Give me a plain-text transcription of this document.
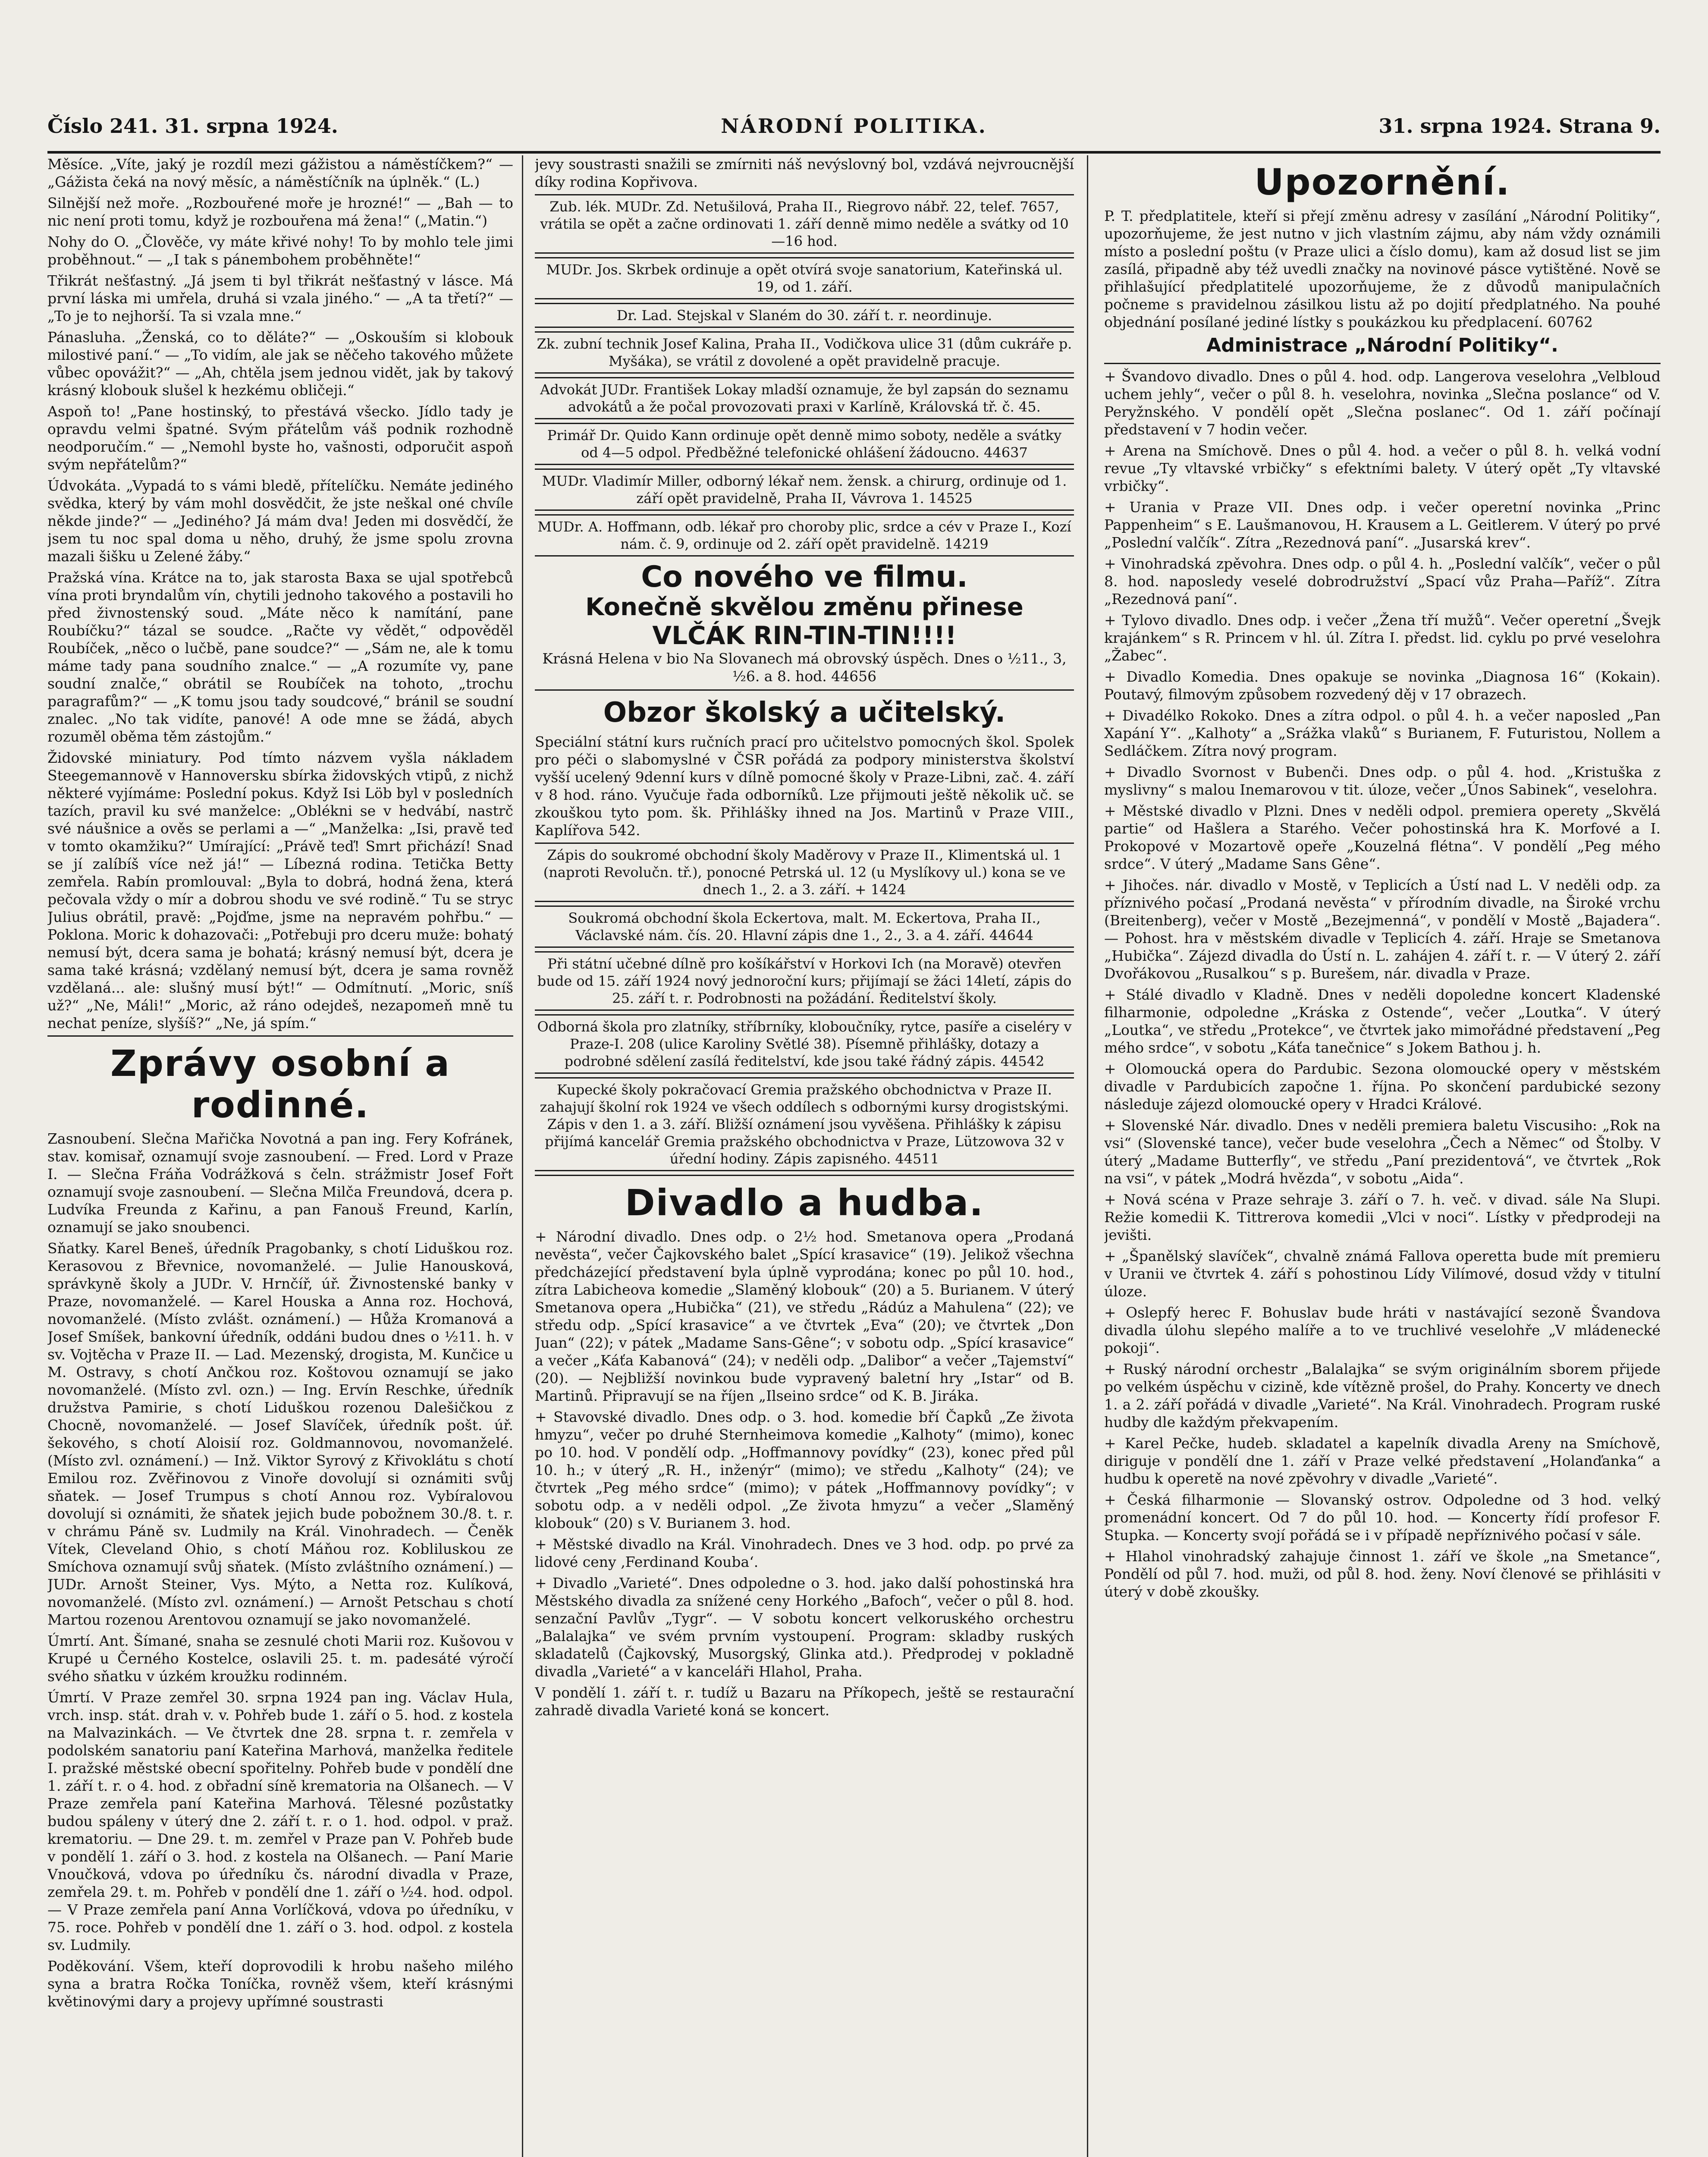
Číslo 241. 31. srpna 1924.	NÁRODNÍ POLITIKA.	31. srpna 1924. Strana 9.

Měsíce. „Víte, jaký je rozdíl mezi gážistou a náměstíčkem?“ — „Gážista čeká na nový měsíc, a náměstíčník na úplněk.“ (L.)

Silnější než moře. „Rozbouřené moře je hrozné!“ — „Bah — to nic není proti tomu, když je rozbouřena má žena!“ („Matin.“)

Nohy do O. „Člověče, vy máte křivé nohy! To by mohlo tele jimi proběhnout.“ — „I tak s pánembohem proběhněte!“

Třikrát nešťastný. „Já jsem ti byl třikrát nešťastný v lásce. Má první láska mi umřela, druhá si vzala jiného.“ — „A ta třetí?“ — „To je to nejhorší. Ta si vzala mne.“

Pánasluha. „Ženská, co to děláte?“ — „Oskouším si klobouk milostivé paní.“ — „To vidím, ale jak se něčeho takového můžete vůbec opovážit?“ — „Ah, chtěla jsem jednou vidět, jak by takový krásný klobouk slušel k hezkému obličeji.“

Aspoň to! „Pane hostinský, to přestává všecko. Jídlo tady je opravdu velmi špatné. Svým přátelům váš podnik rozhodně neodporučím.“ — „Nemohl byste ho, vašnosti, odporučit aspoň svým nepřátelům?“

Údvokáta. „Vypadá to s vámi bledě, přítelíčku. Nemáte jediného svědka, který by vám mohl dosvědčit, že jste neškal oné chvíle někde jinde?“ — „Jediného? Já mám dva! Jeden mi dosvědčí, že jsem tu noc spal doma u něho, druhý, že jsme spolu zrovna mazali šišku u Zelené žáby.“

Pražská vína. Krátce na to, jak starosta Baxa se ujal spotřebců vína proti bryndalům vín, chytili jednoho takového a postavili ho před živnostenský soud. „Máte něco k namítání, pane Roubíčku?“ tázal se soudce. „Račte vy vědět,“ odpověděl Roubíček, „něco o lučbě, pane soudce?“ — „Sám ne, ale k tomu máme tady pana soudního znalce.“ — „A rozumíte vy, pane soudní znalče,“ obrátil se Roubíček na tohoto, „trochu paragrafům?“ — „K tomu jsou tady soudcové,“ bránil se soudní znalec. „No tak vidíte, panové! A ode mne se žádá, abych rozuměl oběma těm zástojům.“

Židovské miniatury. Pod tímto názvem vyšla nákladem Steegemannově v Hannoversku sbírka židovských vtipů, z nichž některé vyjímáme: Poslední pokus. Když Isi Löb byl v posledních tazích, pravil ku své manželce: „Oblékni se v hedvábí, nastrč své náušnice a ověs se perlami a —“ „Manželka: „Isi, pravě teď v tomto okamžiku?“ Umírající: „Právě teď! Smrt přichází! Snad se jí zalíbíš více než já!“ — Líbezná rodina. Tetička Betty zemřela. Rabín promlouval: „Byla to dobrá, hodná žena, která pečovala vždy o mír a dobrou shodu ve své rodině.“ Tu se stryc Julius obrátil, pravě: „Pojďme, jsme na nepravém pohřbu.“ — Poklona. Moric k dohazovači: „Potřebuji pro dceru muže: bohatý nemusí být, dcera sama je bohatá; krásný nemusí být, dcera je sama také krásná; vzdělaný nemusí být, dcera je sama rovněž vzdělaná... ale: slušný musí být!“ — Odmítnutí. „Moric, sníš už?“ „Ne, Máli!“ „Moric, až ráno odejdeš, nezapomeň mně tu nechat peníze, slyšíš?“ „Ne, já spím.“

Zprávy osobní a rodinné.

Zasnoubení. Slečna Mařička Novotná a pan ing. Fery Kofránek, stav. komisař, oznamují svoje zasnoubení. — Fred. Lord v Praze I. — Slečna Fráňa Vodrážková s čeln. strážmistr Josef Fořt oznamují svoje zasnoubení. — Slečna Milča Freundová, dcera p. Ludvíka Freunda z Kařinu, a pan Fanouš Freund, Karlín, oznamují se jako snoubenci.

Sňatky. Karel Beneš, úředník Pragobanky, s chotí Liduškou roz. Kerasovou z Břevnice, novomanželé. — Julie Hanousková, správkyně školy a JUDr. V. Hrnčíř, úř. Živnostenské banky v Praze, novomanželé. — Karel Houska a Anna roz. Hochová, novomanželé. (Místo zvlášt. oznámení.) — Hůža Kromanová a Josef Smíšek, bankovní úředník, oddáni budou dnes o ½11. h. v sv. Vojtěcha v Praze II. — Lad. Mezenský, drogista, M. Kunčice u M. Ostravy, s chotí Ančkou roz. Koštovou oznamují se jako novomanželé. (Místo zvl. ozn.) — Ing. Ervín Reschke, úředník družstva Pamirie, s chotí Liduškou rozenou Dalešičkou z Chocně, novomanželé. — Josef Slavíček, úředník pošt. úř. šekového, s chotí Aloisií roz. Goldmannovou, novomanželé. (Místo zvl. oznámení.) — Inž. Viktor Syrový z Křivoklátu s chotí Emilou roz. Zvěřinovou z Vinoře dovolují si oznámiti svůj sňatek. — Josef Trumpus s chotí Annou roz. Vybíralovou dovolují si oznámiti, že sňatek jejich bude pobožnem 30./8. t. r. v chrámu Páně sv. Ludmily na Král. Vinohradech. — Čeněk Vítek, Cleveland Ohio, s chotí Máňou roz. Kobliluskou ze Smíchova oznamují svůj sňatek. (Místo zvláštního oznámení.) — JUDr. Arnošt Steiner, Vys. Mýto, a Netta roz. Kulíková, novomanželé. (Místo zvl. oznámení.) — Arnošt Petschau s chotí Martou rozenou Arentovou oznamují se jako novomanželé.

Úmrtí. Ant. Šímané, snaha se zesnulé choti Marii roz. Kušovou v Krupé u Černého Kostelce, oslavili 25. t. m. padesáté výročí svého sňatku v úzkém kroužku rodinném.

Úmrtí. V Praze zemřel 30. srpna 1924 pan ing. Václav Hula, vrch. insp. stát. drah v. v. Pohřeb bude 1. září o 5. hod. z kostela na Malvazinkách. — Ve čtvrtek dne 28. srpna t. r. zemřela v podolském sanatoriu paní Kateřina Marhová, manželka ředitele I. pražské městské obecní spořitelny. Pohřeb bude v pondělí dne 1. září t. r. o 4. hod. z obřadní síně krematoria na Olšanech. — V Praze zemřela paní Kateřina Marhová. Tělesné pozůstatky budou spáleny v úterý dne 2. září t. r. o 1. hod. odpol. v praž. krematoriu. — Dne 29. t. m. zemřel v Praze pan V. Pohřeb bude v pondělí 1. září o 3. hod. z kostela na Olšanech. — Paní Marie Vnoučková, vdova po úředníku čs. národní divadla v Praze, zemřela 29. t. m. Pohřeb v pondělí dne 1. září o ½4. hod. odpol. — V Praze zemřela paní Anna Vorlíčková, vdova po úředníku, v 75. roce. Pohřeb v pondělí dne 1. září o 3. hod. odpol. z kostela sv. Ludmily.

Poděkování. Všem, kteří doprovodili k hrobu našeho milého syna a bratra Ročka Toníčka, rovněž všem, kteří krásnými květinovými dary a projevy upřímné soustrasti

jevy soustrasti snažili se zmírniti náš nevýslovný bol, vzdává nejvroucnější díky rodina Kopřivova.

Zub. lék. MUDr. Zd. Netušilová, Praha II., Riegrovo nábř. 22, telef. 7657, vrátila se opět a začne ordinovati 1. září denně mimo neděle a svátky od 10—16 hod.
MUDr. Jos. Skrbek ordinuje a opět otvírá svoje sanatorium, Kateřinská ul. 19, od 1. září.
Dr. Lad. Stejskal v Slaném do 30. září t. r. neordinuje.
Zk. zubní technik Josef Kalina, Praha II., Vodičkova ulice 31 (dům cukráře p. Myšáka), se vrátil z dovolené a opět pravidelně pracuje.
Advokát JUDr. František Lokay mladší oznamuje, že byl zapsán do seznamu advokátů a že počal provozovati praxi v Karlíně, Královská tř. č. 45.
Primář Dr. Quido Kann ordinuje opět denně mimo soboty, neděle a svátky od 4—5 odpol. Předběžné telefonické ohlášení žádoucno. 44637
MUDr. Vladimír Miller, odborný lékař nem. žensk. a chirurg, ordinuje od 1. září opět pravidelně, Praha II, Vávrova 1. 14525
MUDr. A. Hoffmann, odb. lékař pro choroby plic, srdce a cév v Praze I., Kozí nám. č. 9, ordinuje od 2. září opět pravidelně. 14219
Co nového ve filmu.
Konečně skvělou změnu přinese
VLČÁK RIN-TIN-TIN!!!!
Krásná Helena v bio Na Slovanech má obrovský úspěch. Dnes o ½11., 3, ½6. a 8. hod. 44656
Obzor školský a učitelský.
Speciální státní kurs ručních prací pro učitelstvo pomocných škol. Spolek pro péči o slabomyslné v ČSR pořádá za podpory ministerstva školství vyšší ucelený 9denní kurs v dílně pomocné školy v Praze-Libni, zač. 4. září v 8 hod. ráno. Vyučuje řada odborníků. Lze přijmouti ještě několik uč. se zkouškou tyto pom. šk. Přihlášky ihned na Jos. Martinů v Praze VIII., Kaplířova 542.
Zápis do soukromé obchodní školy Maděrovy v Praze II., Klimentská ul. 1 (naproti Revolučn. tř.), ponocné Petrská ul. 12 (u Myslíkovy ul.) kona se ve dnech 1., 2. a 3. září. + 1424
Soukromá obchodní škola Eckertova, malt. M. Eckertova, Praha II., Václavské nám. čís. 20. Hlavní zápis dne 1., 2., 3. a 4. září. 44644
Při státní učebné dílně pro košíkářství v Horkovi Ich (na Moravě) otevřen bude od 15. září 1924 nový jednoroční kurs; přijímají se žáci 14letí, zápis do 25. září t. r. Podrobnosti na požádání. Ředitelství školy.
Odborná škola pro zlatníky, stříbrníky, kloboučníky, rytce, pasíře a ciseléry v Praze-I. 208 (ulice Karoliny Světlé 38). Písemně přihlášky, dotazy a podrobné sdělení zasílá ředitelství, kde jsou také řádný zápis. 44542
Kupecké školy pokračovací Gremia pražského obchodnictva v Praze II. zahajují školní rok 1924 ve všech oddílech s odbornými kursy drogistskými. Zápis v den 1. a 3. září. Bližší oznámení jsou vyvěšena. Přihlášky k zápisu přijímá kancelář Gremia pražského obchodnictva v Praze, Lützowova 32 v úřední hodiny. Zápis zapisného. 44511
Divadlo a hudba.

+ Národní divadlo. Dnes odp. o 2½ hod. Smetanova opera „Prodaná nevěsta“, večer Čajkovského balet „Spící krasavice“ (19). Jelikož všechna předcházející představení byla úplně vyprodána; konec po půl 10. hod., zítra Labicheova komedie „Slaměný klobouk“ (20) a 5. Burianem. V úterý Smetanova opera „Hubička“ (21), ve středu „Rádúz a Mahulena“ (22); ve středu odp. „Spící krasavice“ a ve čtvrtek „Eva“ (20); ve čtvrtek „Don Juan“ (22); v pátek „Madame Sans-Gêne“; v sobotu odp. „Spící krasavice“ a večer „Káťa Kabanová“ (24); v neděli odp. „Dalibor“ a večer „Tajemství“ (20). — Nejbližší novinkou bude vypravený baletní hry „Istar“ od B. Martinů. Připravují se na říjen „Ilseino srdce“ od K. B. Jiráka.

+ Stavovské divadlo. Dnes odp. o 3. hod. komedie bří Čapků „Ze života hmyzu“, večer po druhé Sternheimova komedie „Kalhoty“ (mimo), konec po 10. hod. V pondělí odp. „Hoffmannovy povídky“ (23), konec před půl 10. h.; v úterý „R. H., inženýr“ (mimo); ve středu „Kalhoty“ (24); ve čtvrtek „Peg mého srdce“ (mimo); v pátek „Hoffmannovy povídky“; v sobotu odp. a v neděli odpol. „Ze života hmyzu“ a večer „Slaměný klobouk“ (20) s V. Burianem 3. hod.

+ Městské divadlo na Král. Vinohradech. Dnes ve 3 hod. odp. po prvé za lidové ceny ‚Ferdinand Kouba‘.

+ Divadlo „Varieté“. Dnes odpoledne o 3. hod. jako další pohostinská hra Městského divadla za snížené ceny Horkého „Bafoch“, večer o půl 8. hod. senzační Pavlův „Tygr“. — V sobotu koncert velkoruského orchestru „Balalajka“ ve svém prvním vystoupení. Program: skladby ruských skladatelů (Čajkovský, Musorgský, Glinka atd.). Předprodej v pokladně divadla „Varieté“ a v kanceláři Hlahol, Praha.

V pondělí 1. září t. r. tudíž u Bazaru na Příkopech, ještě se restaurační zahradě divadla Varieté koná se koncert.

Upozornění.

P. T. předplatitele, kteří si přejí změnu adresy v zasílání „Národní Politiky“, upozorňujeme, že jest nutno v jich vlastním zájmu, aby nám vždy oznámili místo a poslední poštu (v Praze ulici a číslo domu), kam až dosud list se jim zasílá, připadně aby též uvedli značky na novinové pásce vytištěné. Nově se přihlašující předplatitelé upozorňujeme, že z důvodů manipulačních počneme s pravidelnou zásilkou listu až po dojití předplatného. Na pouhé objednání posílané jediné lístky s poukázkou ku předplacení. 60762

Administrace „Národní Politiky“.

+ Švandovo divadlo. Dnes o půl 4. hod. odp. Langerova veselohra „Velbloud uchem jehly“, večer o půl 8. h. veselohra, novinka „Slečna poslance“ od V. Peryžnského. V pondělí opět „Slečna poslanec“. Od 1. září počínají představení v 7 hodin večer.

+ Arena na Smíchově. Dnes o půl 4. hod. a večer o půl 8. h. velká vodní revue „Ty vltavské vrbičky“ s efektními balety. V úterý opět „Ty vltavské vrbičky“.

+ Urania v Praze VII. Dnes odp. i večer operetní novinka „Princ Pappenheim“ s E. Laušmanovou, H. Krausem a L. Geitlerem. V úterý po prvé „Poslední valčík“. Zítra „Rezednová paní“. „Jusarská krev“.

+ Vinohradská zpěvohra. Dnes odp. o půl 4. h. „Poslední valčík“, večer o půl 8. hod. naposledy veselé dobrodružství „Spací vůz Praha—Paříž“. Zítra „Rezednová paní“.

+ Tylovo divadlo. Dnes odp. i večer „Žena tří mužů“. Večer operetní „Švejk krajánkem“ s R. Princem v hl. úl. Zítra I. předst. lid. cyklu po prvé veselohra „Žabec“.

+ Divadlo Komedia. Dnes opakuje se novinka „Diagnosa 16“ (Kokain). Poutavý, filmovým způsobem rozvedený děj v 17 obrazech.

+ Divadélko Rokoko. Dnes a zítra odpol. o půl 4. h. a večer naposled „Pan Xapání Y“. „Kalhoty“ a „Srážka vlaků“ s Burianem, F. Futuristou, Nollem a Sedláčkem. Zítra nový program.

+ Divadlo Svornost v Bubenči. Dnes odp. o půl 4. hod. „Kristuška z myslivny“ s malou Inemarovou v tit. úloze, večer „Únos Sabinek“, veselohra.

+ Městské divadlo v Plzni. Dnes v neděli odpol. premiera operety „Skvělá partie“ od Hašlera a Starého. Večer pohostinská hra K. Morfové a I. Prokopové v Mozartově opeře „Kouzelná flétna“. V pondělí „Peg mého srdce“. V úterý „Madame Sans Gêne“.

+ Jihočes. nár. divadlo v Mostě, v Teplicích a Ústí nad L. V neděli odp. za příznivého počasí „Prodaná nevěsta“ v přírodním divadle, na Široké vrchu (Breitenberg), večer v Mostě „Bezejmenná“, v pondělí v Mostě „Bajadera“. — Pohost. hra v městském divadle v Teplicích 4. září. Hraje se Smetanova „Hubička“. Zájezd divadla do Ústí n. L. zahájen 4. září t. r. — V úterý 2. září Dvořákovou „Rusalkou“ s p. Burešem, nár. divadla v Praze.

+ Stálé divadlo v Kladně. Dnes v neděli dopoledne koncert Kladenské filharmonie, odpoledne „Kráska z Ostende“, večer „Loutka“. V úterý „Loutka“, ve středu „Protekce“, ve čtvrtek jako mimořádné představení „Peg mého srdce“, v sobotu „Káťa tanečnice“ s Jokem Bathou j. h.

+ Olomoucká opera do Pardubic. Sezona olomoucké opery v městském divadle v Pardubicích započne 1. října. Po skončení pardubické sezony následuje zájezd olomoucké opery v Hradci Králové.

+ Slovenské Nár. divadlo. Dnes v neděli premiera baletu Viscusiho: „Rok na vsi“ (Slovenské tance), večer bude veselohra „Čech a Němec“ od Štolby. V úterý „Madame Butterfly“, ve středu „Paní prezidentová“, ve čtvrtek „Rok na vsi“, v pátek „Modrá hvězda“, v sobotu „Aida“.

+ Nová scéna v Praze sehraje 3. září o 7. h. več. v divad. sále Na Slupi. Režie komedii K. Tittrerova komedii „Vlci v noci“. Lístky v předprodeji na jevišti.

+ „Španělský slavíček“, chvalně známá Fallova operetta bude mít premieru v Uranii ve čtvrtek 4. září s pohostinou Lídy Vilímové, dosud vždy v titulní úloze.

+ Oslepfý herec F. Bohuslav bude hráti v nastávající sezoně Švandova divadla úlohu slepého malíře a to ve truchlivé veselohře „V mládenecké pokoji“.

+ Ruský národní orchestr „Balalajka“ se svým originálním sborem přijede po velkém úspěchu v cizině, kde vítězně prošel, do Prahy. Koncerty ve dnech 1. a 2. září pořádá v divadle „Varieté“. Na Král. Vinohradech. Program ruské hudby dle každým překvapením.

+ Karel Pečke, hudeb. skladatel a kapelník divadla Areny na Smíchově, diriguje v pondělí dne 1. září v Praze velké představení „Holanďanka“ a hudbu k operetě na nové zpěvohry v divadle „Varieté“.

+ Česká filharmonie — Slovanský ostrov. Odpoledne od 3 hod. velký promenádní koncert. Od 7 do půl 10. hod. — Koncerty řídí profesor F. Stupka. — Koncerty svojí pořádá se i v případě nepříznivého počasí v sále.

+ Hlahol vinohradský zahajuje činnost 1. září ve škole „na Smetance“, Pondělí od půl 7. hod. muži, od půl 8. hod. ženy. Noví členové se přihlásiti v úterý v době zkoušky.
